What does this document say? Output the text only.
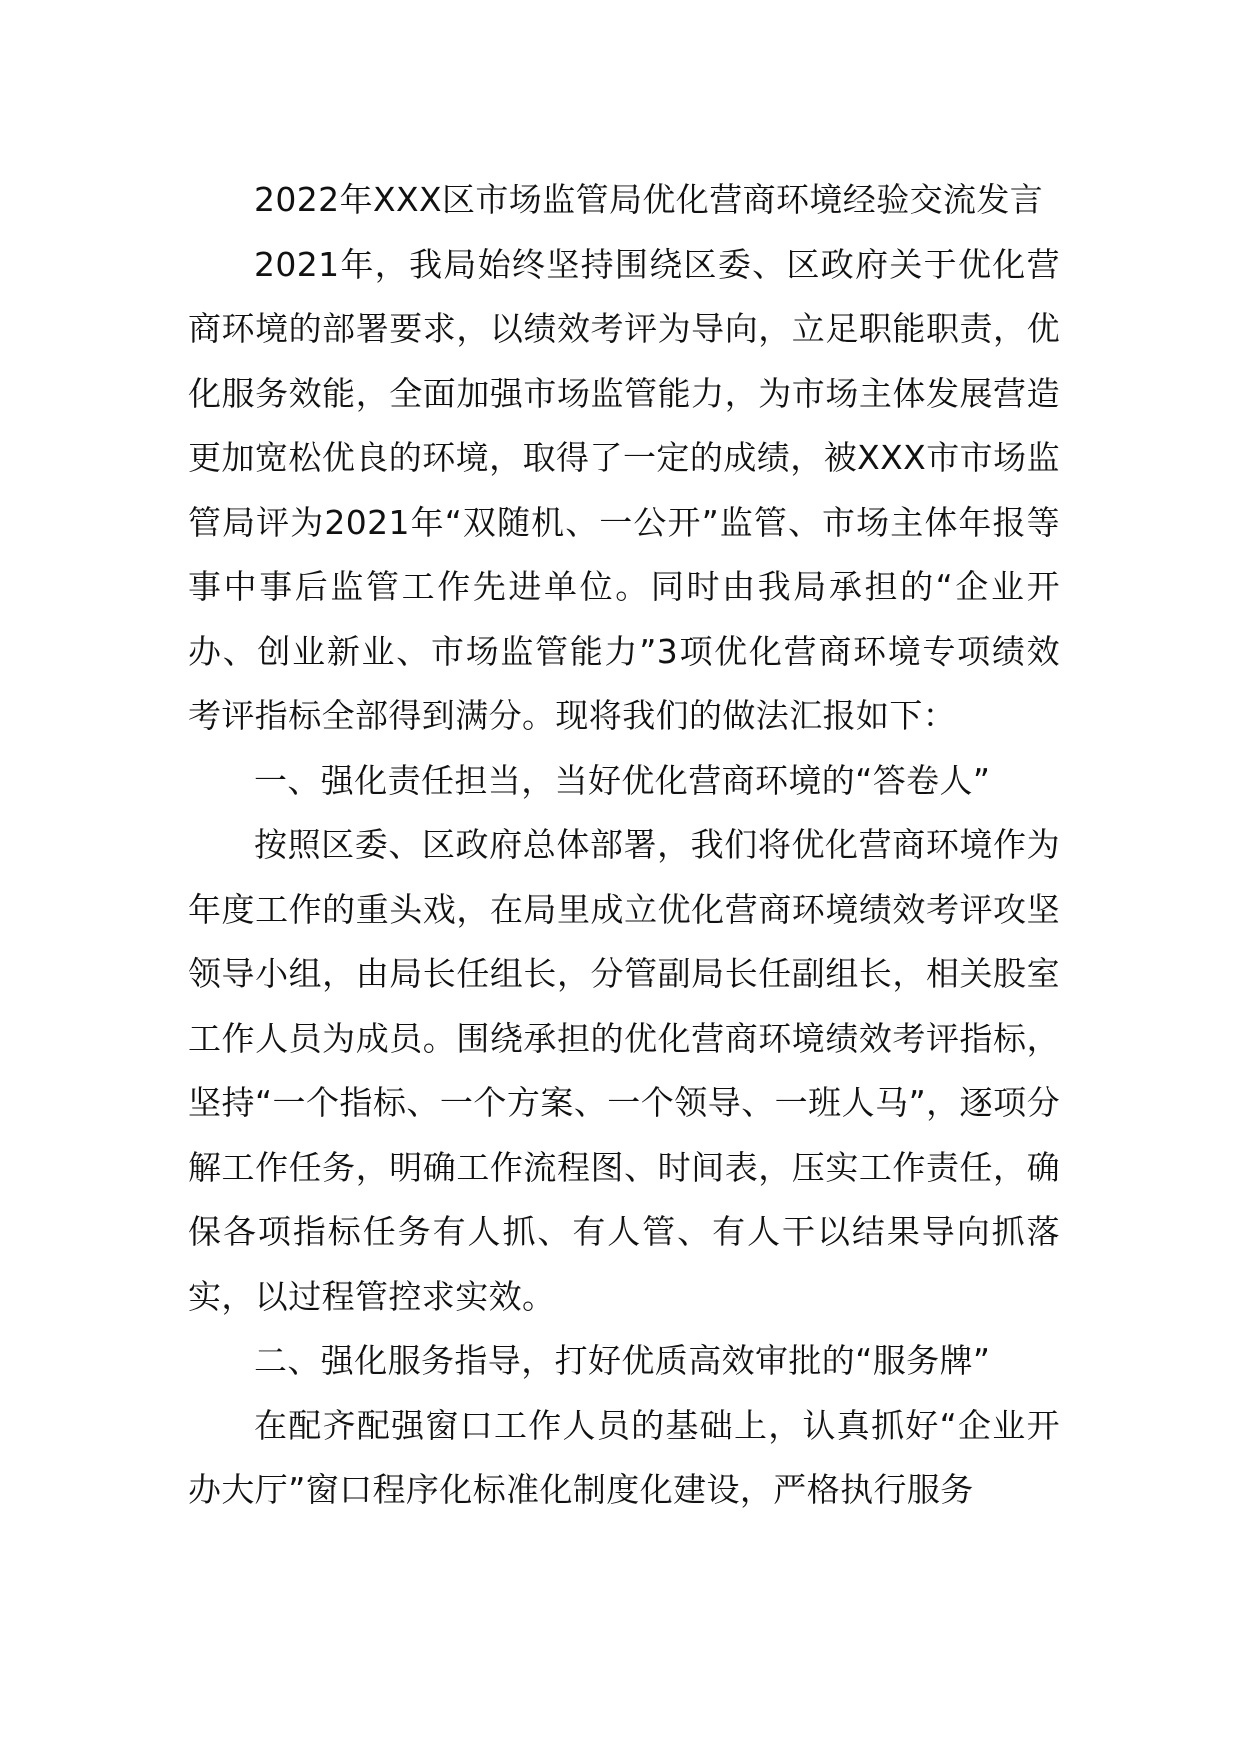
2022年XXX区市场监管局优化营商环境经验交流发言

2021年，我局始终坚持围绕区委、区政府关于优化营商环境的部署要求，以绩效考评为导向，立足职能职责，优化服务效能，全面加强市场监管能力，为市场主体发展营造更加宽松优良的环境，取得了一定的成绩，被XXX市市场监管局评为2021年“双随机、一公开”监管、市场主体年报等事中事后监管工作先进单位。同时由我局承担的“企业开办、创业新业、市场监管能力”3项优化营商环境专项绩效考评指标全部得到满分。现将我们的做法汇报如下：

一、强化责任担当，当好优化营商环境的“答卷人”

按照区委、区政府总体部署，我们将优化营商环境作为年度工作的重头戏，在局里成立优化营商环境绩效考评攻坚领导小组，由局长任组长，分管副局长任副组长，相关股室工作人员为成员。围绕承担的优化营商环境绩效考评指标，坚持“一个指标、一个方案、一个领导、一班人马”，逐项分解工作任务，明确工作流程图、时间表，压实工作责任，确保各项指标任务有人抓、有人管、有人干以结果导向抓落实，以过程管控求实效。

二、强化服务指导，打好优质高效审批的“服务牌”

在配齐配强窗口工作人员的基础上，认真抓好“企业开办大厅”窗口程序化标准化制度化建设，严格执行服务
